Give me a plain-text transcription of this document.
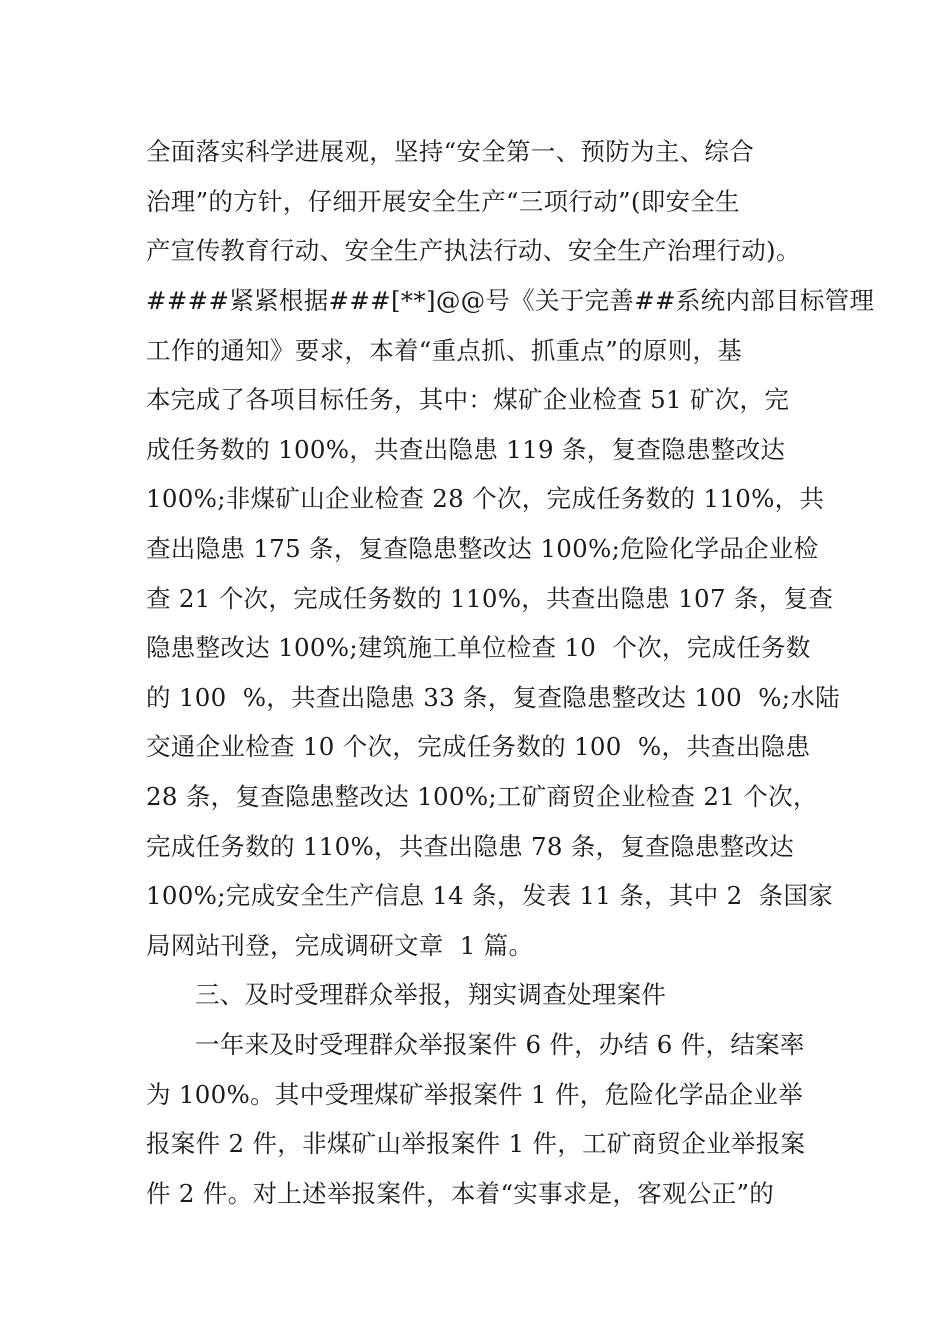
全面落实科学进展观，坚持“安全第一、预防为主、综合
治理”的方针，仔细开展安全生产“三项行动”(即安全生
产宣传教育行动、安全生产执法行动、安全生产治理行动)。
####紧紧根据###[**]@@号《关于完善##系统内部目标管理
工作的通知》要求，本着“重点抓、抓重点”的原则，基
本完成了各项目标任务，其中：煤矿企业检查 51 矿次，完
成任务数的 100%，共查出隐患 119 条，复查隐患整改达
100%;非煤矿山企业检查 28 个次，完成任务数的 110%，共
查出隐患 175 条，复查隐患整改达 100%;危险化学品企业检
查 21 个次，完成任务数的 110%，共查出隐患 107 条，复查
隐患整改达 100%;建筑施工单位检查 10  个次，完成任务数
的 100  %，共查出隐患 33 条，复查隐患整改达 100  %;水陆
交通企业检查 10 个次，完成任务数的 100  %，共查出隐患
28 条，复查隐患整改达 100%;工矿商贸企业检查 21 个次，
完成任务数的 110%，共查出隐患 78 条，复查隐患整改达
100%;完成安全生产信息 14 条，发表 11 条，其中 2  条国家
局网站刊登，完成调研文章  1 篇。
三、及时受理群众举报，翔实调查处理案件
一年来及时受理群众举报案件 6 件，办结 6 件，结案率
为 100%。其中受理煤矿举报案件 1 件，危险化学品企业举
报案件 2 件，非煤矿山举报案件 1 件，工矿商贸企业举报案
件 2 件。对上述举报案件，本着“实事求是，客观公正”的
